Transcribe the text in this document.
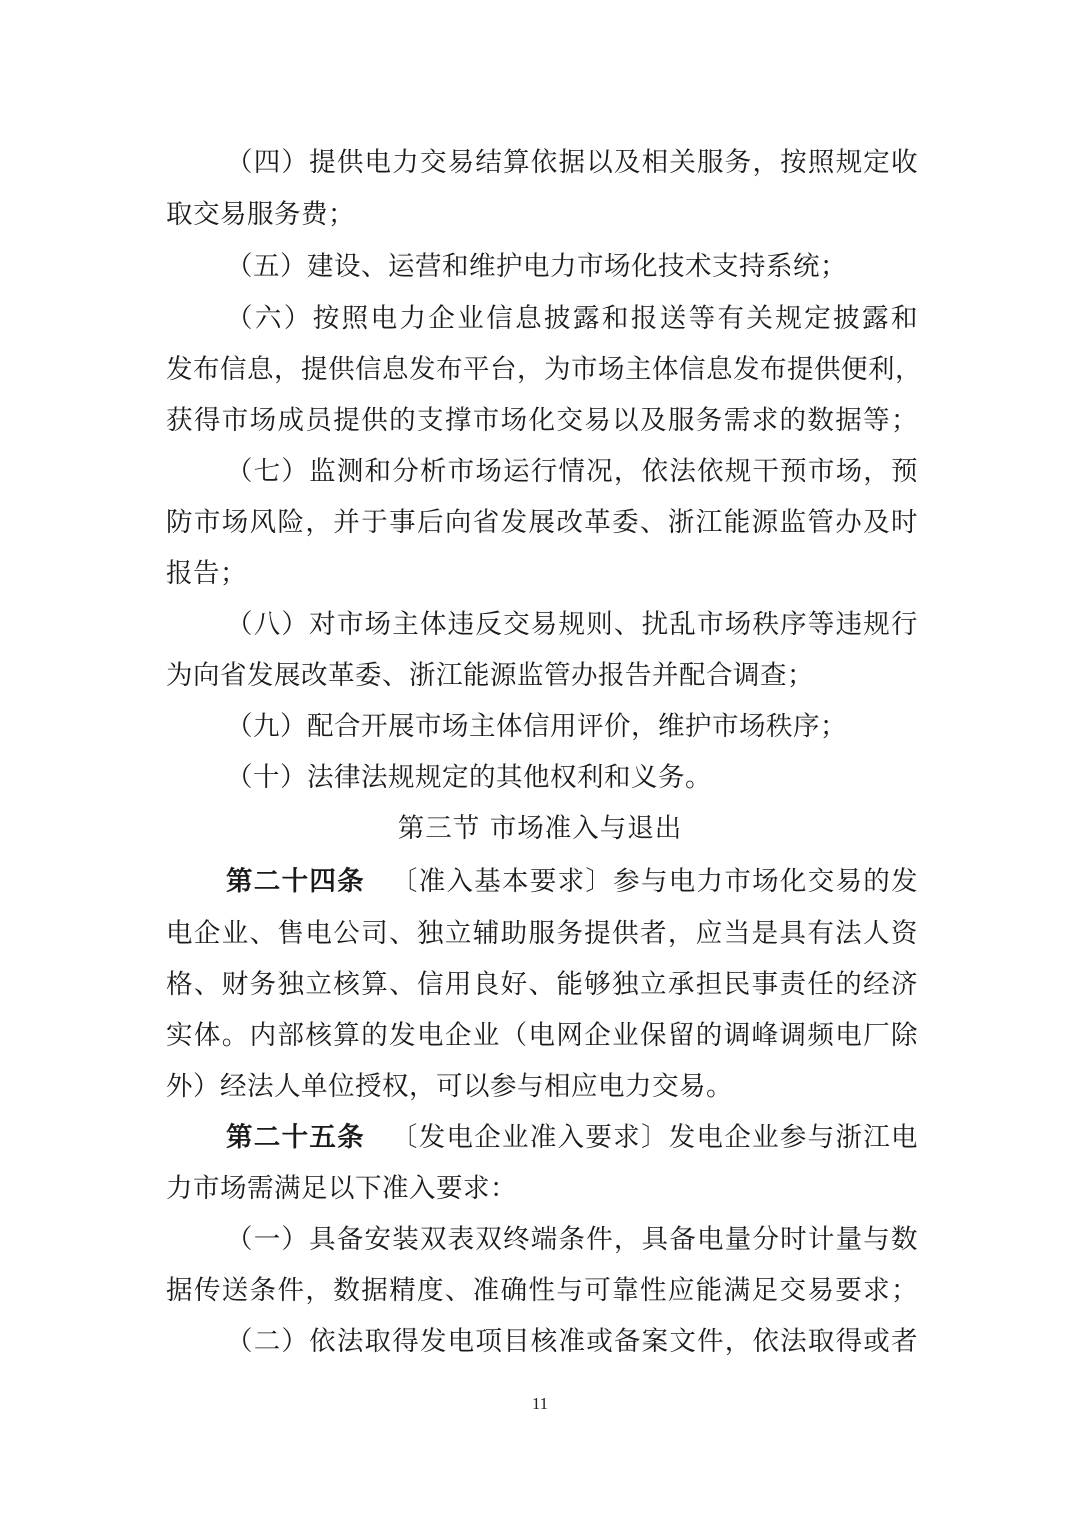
（四）提供电力交易结算依据以及相关服务，按照规定收
取交易服务费；
（五）建设、运营和维护电力市场化技术支持系统；
（六）按照电力企业信息披露和报送等有关规定披露和
发布信息，提供信息发布平台，为市场主体信息发布提供便利，
获得市场成员提供的支撑市场化交易以及服务需求的数据等；
（七）监测和分析市场运行情况，依法依规干预市场，预
防市场风险，并于事后向省发展改革委、浙江能源监管办及时
报告；
（八）对市场主体违反交易规则、扰乱市场秩序等违规行
为向省发展改革委、浙江能源监管办报告并配合调查；
（九）配合开展市场主体信用评价，维护市场秩序；
（十）法律法规规定的其他权利和义务。
第三节 市场准入与退出
第二十四条 〔准入基本要求〕参与电力市场化交易的发
电企业、售电公司、独立辅助服务提供者，应当是具有法人资
格、财务独立核算、信用良好、能够独立承担民事责任的经济
实体。内部核算的发电企业（电网企业保留的调峰调频电厂除
外）经法人单位授权，可以参与相应电力交易。
第二十五条 〔发电企业准入要求〕发电企业参与浙江电
力市场需满足以下准入要求：
（一）具备安装双表双终端条件，具备电量分时计量与数
据传送条件，数据精度、准确性与可靠性应能满足交易要求；
（二）依法取得发电项目核准或备案文件，依法取得或者
11
